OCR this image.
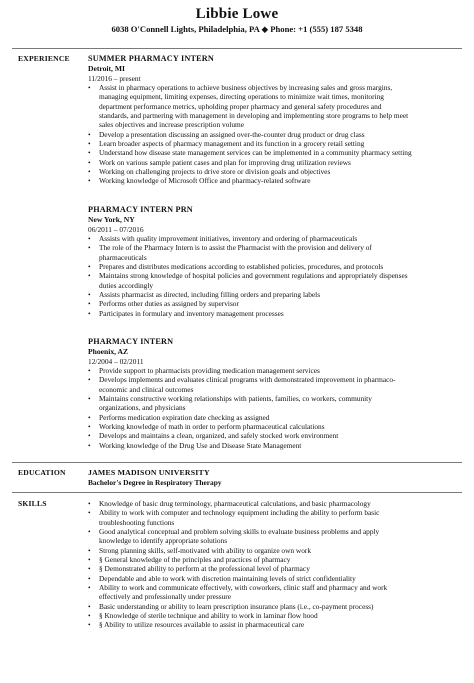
Libbie Lowe
6038 O'Connell Lights, Philadelphia, PA ◆ Phone: +1 (555) 187 5348
EXPERIENCE SUMMER PHARMACY INTERN
Detroit, MI
11/2016 – present
•	Assist in pharmacy operations to achieve business objectives by increasing sales and gross margins,
managing equipment, limiting expenses, directing operations to minimize wait times, monitoring
department performance metrics, upholding proper pharmacy and general safety procedures and
standards, and partnering with management in developing and implementing store programs to help meet
sales objectives and increase prescription volume
•	Develop a presentation discussing an assigned over-the-counter drug product or drug class
•	Learn broader aspects of pharmacy management and its function in a grocery retail setting
•	Understand how disease state management services can be implemented in a community pharmacy setting
•	Work on various sample patient cases and plan for improving drug utilization reviews
•	Working on challenging projects to drive store or division goals and objectives
•	Working knowledge of Microsoft Office and pharmacy-related software
PHARMACY INTERN PRN
New York, NY
06/2011 – 07/2016
•	Assists with quality improvement initiatives, inventory and ordering of pharmaceuticals
•	The role of the Pharmacy Intern is to assist the Pharmacist with the provision and delivery of
pharmaceuticals
•	Prepares and distributes medications according to established policies, procedures, and protocols
•	Maintains strong knowledge of hospital policies and government regulations and appropriately dispenses
duties accordingly
•	Assists pharmacist as directed, including filling orders and preparing labels
•	Performs other duties as assigned by supervisor
•	Participates in formulary and inventory management processes
PHARMACY INTERN
Phoenix, AZ
12/2004 – 02/2011
•	Provide support to pharmacists providing medication management services
•	Develops implements and evaluates clinical programs with demonstrated improvement in pharmaco-
economic and clinical outcomes
•	Maintains constructive working relationships with patients, families, co workers, community
organizations, and physicians
•	Performs medication expiration date checking as assigned
•	Working knowledge of math in order to perform pharmaceutical calculations
•	Develops and maintains a clean, organized, and safely stocked work environment
•	Working knowledge of the Drug Use and Disease State Management
EDUCATION	JAMES MADISON UNIVERSITY
Bachelor's Degree in Respiratory Therapy
SKILLS	•	Knowledge of basic drug terminology, pharmaceutical calculations, and basic pharmacology
•	Ability to work with computer and technology equipment including the ability to perform basic
troubleshooting functions
•	Good analytical conceptual and problem solving skills to evaluate business problems and apply
knowledge to identify appropriate solutions
•	Strong planning skills, self-motivated with ability to organize own work
•	§ General knowledge of the principles and practices of pharmacy
•	§ Demonstrated ability to perform at the professional level of pharmacy
•	Dependable and able to work with discretion maintaining levels of strict confidentiality
•	Ability to work and communicate effectively, with coworkers, clinic staff and pharmacy and work
effectively and professionally under pressure
•	Basic understanding or ability to learn prescription insurance plans (i.e., co-payment process)
•	§ Knowledge of sterile technique and ability to work in laminar flow hood
•	§ Ability to utilize resources available to assist in pharmaceutical care
